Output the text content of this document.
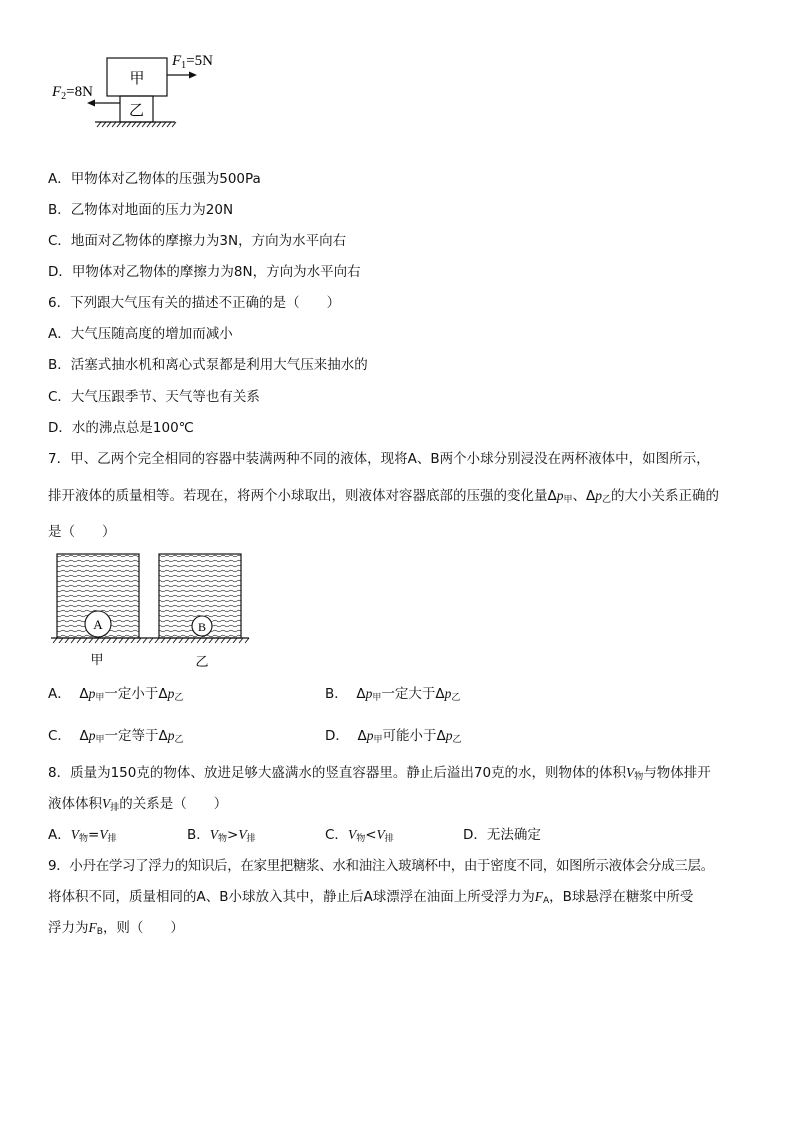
甲
乙
$F_1=5N$
$F_2=8N$
A．甲物体对乙物体的压强为500Pa
B．乙物体对地面的压力为20N
C．地面对乙物体的摩擦力为3N，方向为水平向右
D．甲物体对乙物体的摩擦力为8N，方向为水平向右
6．下列跟大气压有关的描述不正确的是（　　）
A．大气压随高度的增加而减小
B．活塞式抽水机和离心式泵都是利用大气压来抽水的
C．大气压跟季节、天气等也有关系
D．水的沸点总是100℃
7．甲、乙两个完全相同的容器中装满两种不同的液体，现将A、B两个小球分别浸没在两杯液体中，如图所示，
排开液体的质量相等。若现在，将两个小球取出，则液体对容器底部的压强的变化量$\Delta p_甲$、$\Delta p_乙$的大小关系正确的
是（　　）
A	B
甲	乙
A． $\Delta p_甲$一定小于$\Delta p_乙$	B． $\Delta p_甲$一定大于$\Delta p_乙$
C． $\Delta p_甲$一定等于$\Delta p_乙$	D． $\Delta p_甲$可能小于$\Delta p_乙$
8．质量为150克的物体、放进足够大盛满水的竖直容器里。静止后溢出70克的水，则物体的体积$V_物$与物体排开
液体体积$V_排$的关系是（　　）
A．$V_物=V_排$	B．$V_物>V_排$	C．$V_物<V_排$	D．无法确定
9．小丹在学习了浮力的知识后，在家里把糖浆、水和油注入玻璃杯中，由于密度不同，如图所示液体会分成三层。
将体积不同，质量相同的A、B小球放入其中，静止后A球漂浮在油面上所受浮力为$F_A$，B球悬浮在糖浆中所受
浮力为$F_B$，则（　　）
